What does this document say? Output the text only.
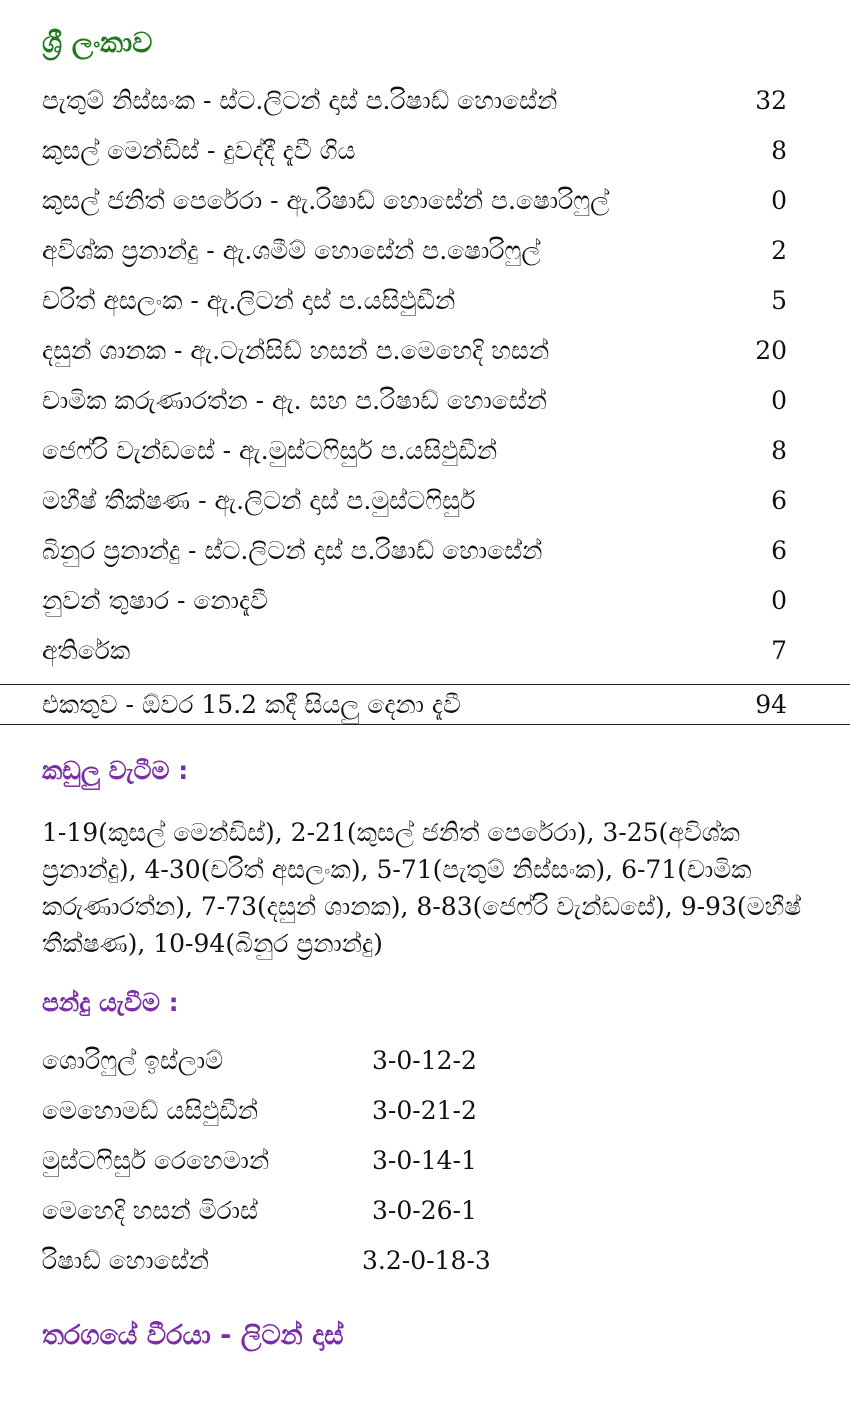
ශ්‍රී ලංකාව
පැතුම් නිස්සංක - ස්ට.ලිටන් දාස් ප.රිෂාඩ් හොසේන්	32
කුසල් මෙන්ඩිස් - දුවද්දී දැවී ගිය	8
කුසල් ජනිත් පෙරේරා - ඇ.රිෂාඩ් හොසේන් ප.ෂොරිෆුල්	0
අවිශ්ක ප්‍රනාන්දු - ඇ.ශමීම් හොසේන් ප.ෂොරිෆුල්	2
චරිත් අසලංක - ඇ.ලිටන් දාස් ප.යසිඵුඩීන්	5
දසුන් ශානක - ඇ.ටැන්සිඩ් හසන් ප.මෙහෙදි හසන්	20
චාමික කරුණාරත්න - ඇ. සහ ප.රිෂාඩ් හොසේන්	0
ජෙෆ්රි වැන්ඩසේ - ඇ.මුස්ටෆිසුර් ප.යසිඵුඩීන්	8
මහීෂ් තීක්ෂණ - ඇ.ලිටන් දාස් ප.මුස්ටෆිසුර්	6
බිනුර ප්‍රනාන්දු - ස්ට.ලිටන් දාස් ප.රිෂාඩ් හොසේන්	6
නුවන් තුෂාර - නොදැවී	0
අතිරේක	7
එකතුව - ඕවර 15.2 කදී සියලු දෙනා දැවී	94
කඩුලු වැටීම :
1-19(කුසල් මෙන්ඩිස්), 2-21(කුසල් ජනිත් පෙරේරා), 3-25(අවිශ්ක ප්‍රනාන්දු), 4-30(චරිත් අසලංක), 5-71(පැතුම් නිස්සංක), 6-71(චාමික කරුණාරත්න), 7-73(දසුන් ශානක), 8-83(ජෙෆ්රි වැන්ඩසේ), 9-93(මහීෂ් තීක්ෂණ), 10-94(බිනුර ප්‍රනාන්දු)
පන්දු යැවීම :
ශොරිෆුල් ඉස්ලාම්	3-0-12-2
මෙහොමඩ් යසිඵුඩීන්	3-0-21-2
මුස්ටෆිසුර් රෙහෙමාන්	3-0-14-1
මෙහෙදි හසන් මිරාස්	3-0-26-1
රිෂාඩ් හොසේන්	3.2-0-18-3
තරගයේ වීරයා - ලිටන් දාස්
